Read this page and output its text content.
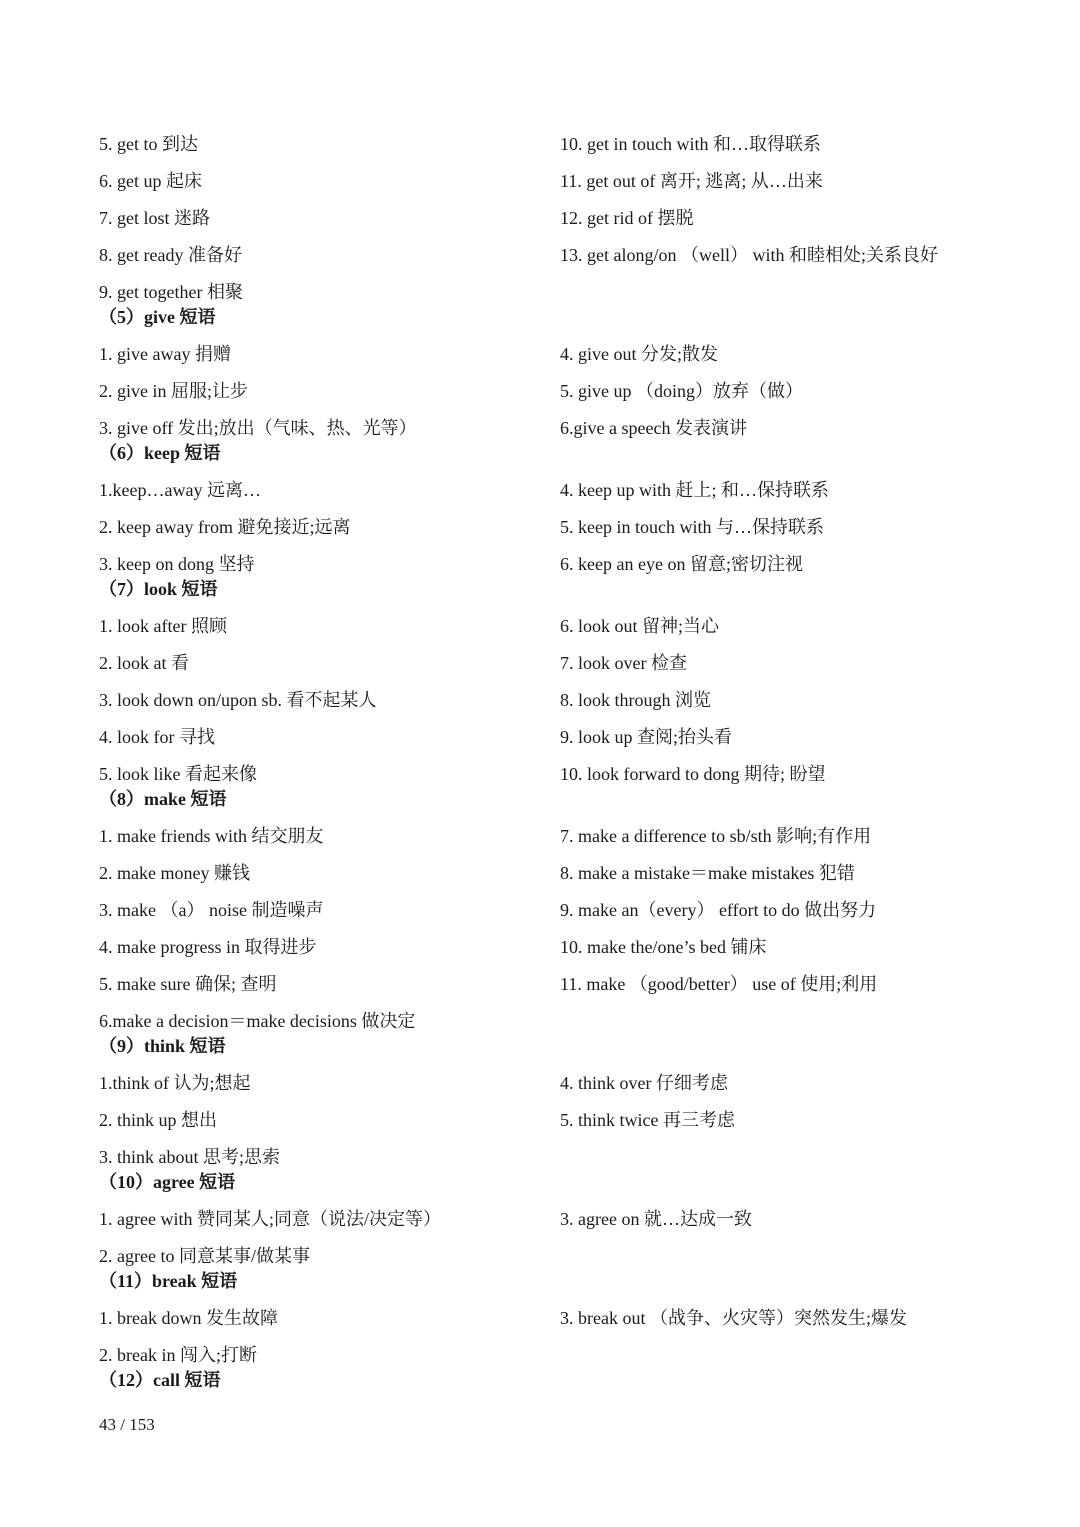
5. get to 到达	10. get in touch with 和…取得联系
6. get up 起床	11. get out of 离开; 逃离; 从…出来
7. get lost 迷路	12. get rid of 摆脱
8. get ready 准备好	13. get along/on （well） with 和睦相处;关系良好
9. get together 相聚
（5）give 短语
1. give away 捐赠	4. give out 分发;散发
2. give in 屈服;让步	5. give up （doing）放弃（做）
3. give off 发出;放出（气味、热、光等）	6.give a speech 发表演讲
（6）keep 短语
1.keep…away 远离…	4. keep up with 赶上; 和…保持联系
2. keep away from 避免接近;远离	5. keep in touch with 与…保持联系
3. keep on dong 坚持	6. keep an eye on 留意;密切注视
（7）look 短语
1. look after 照顾	6. look out 留神;当心
2. look at 看	7. look over 检查
3. look down on/upon sb. 看不起某人	8. look through 浏览
4. look for 寻找	9. look up 查阅;抬头看
5. look like 看起来像	10. look forward to dong 期待; 盼望
（8）make 短语
1. make friends with 结交朋友	7. make a difference to sb/sth 影响;有作用
2. make money 赚钱	8. make a mistake＝make mistakes 犯错
3. make （a） noise 制造噪声	9. make an（every） effort to do 做出努力
4. make progress in 取得进步	10. make the/one’s bed 铺床
5. make sure 确保; 查明	11. make （good/better） use of 使用;利用
6.make a decision＝make decisions 做决定
（9）think 短语
1.think of 认为;想起	4. think over 仔细考虑
2. think up 想出	5. think twice 再三考虑
3. think about 思考;思索
（10）agree 短语
1. agree with 赞同某人;同意（说法/决定等）	3. agree on 就…达成一致
2. agree to 同意某事/做某事
（11）break 短语
1. break down 发生故障	3. break out （战争、火灾等）突然发生;爆发
2. break in 闯入;打断
（12）call 短语
43 / 153
